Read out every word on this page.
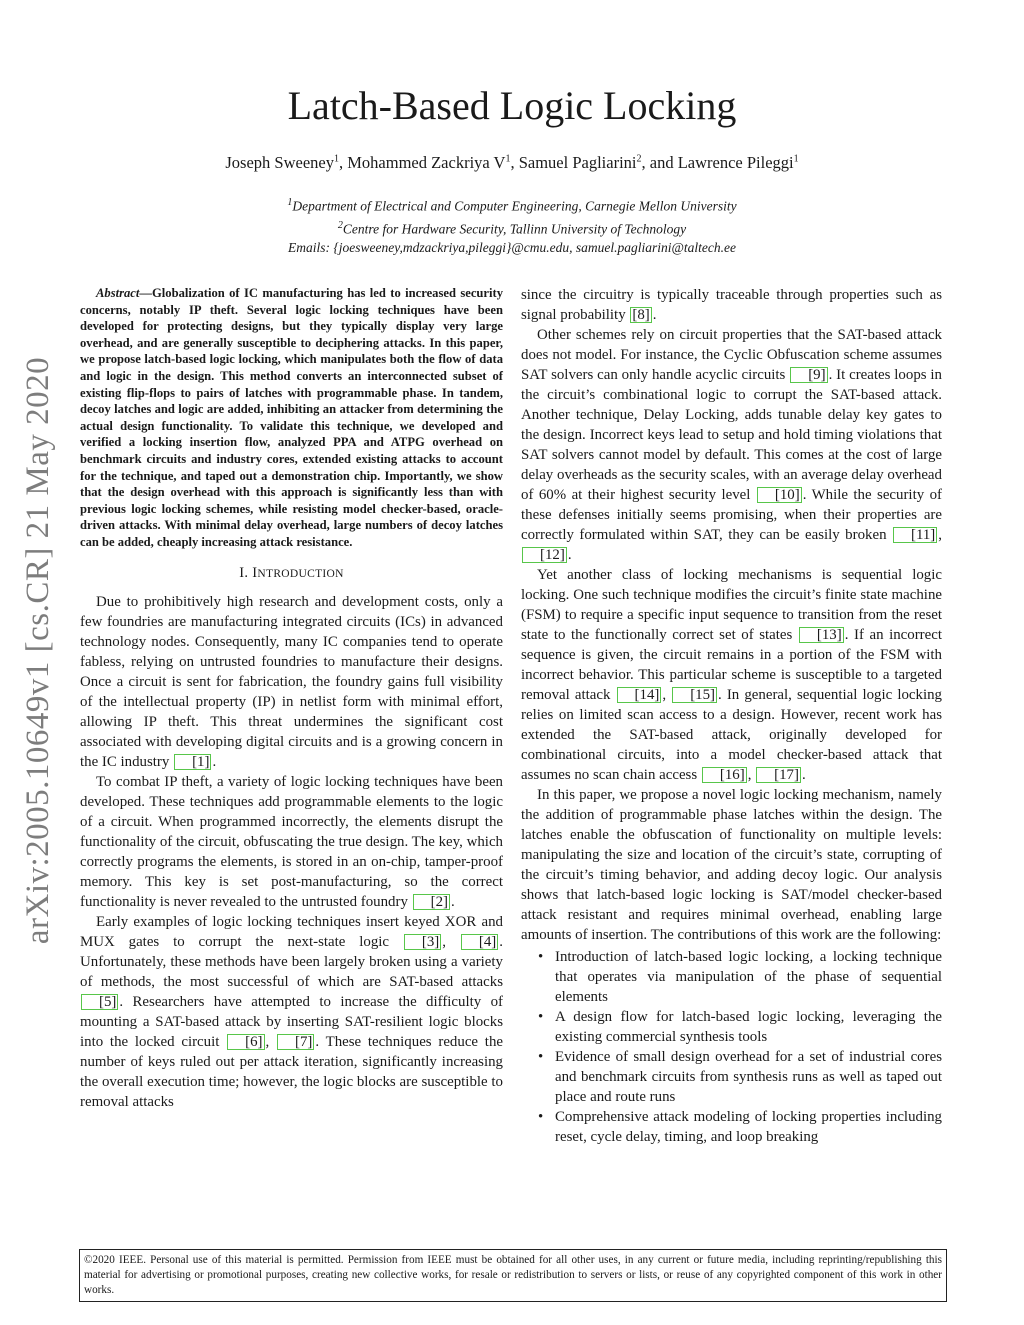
arXiv:2005.10649v1 [cs.CR] 21 May 2020
Latch-Based Logic Locking
Joseph Sweeney$^1$, Mohammed Zackriya $V^1$, Samuel Pagliarini$^2$, and Lawrence Pileggi$^1$
$^1$Department of Electrical and Computer Engineering, Carnegie Mellon University
$^2$Centre for Hardware Security, Tallinn University of Technology
Emails: {joesweeney,mdzackriya,pileggi}@cmu.edu, samuel.pagliarini@taltech.ee

Abstract—Globalization of IC manufacturing has led to increased security concerns, notably IP theft. Several logic locking techniques have been developed for protecting designs, but they typically display very large overhead, and are generally susceptible to deciphering attacks. In this paper, we propose latch-based logic locking, which manipulates both the flow of data and logic in the design. This method converts an interconnected subset of existing flip-flops to pairs of latches with programmable phase. In tandem, decoy latches and logic are added, inhibiting an attacker from determining the actual design functionality. To validate this technique, we developed and verified a locking insertion flow, analyzed PPA and ATPG overhead on benchmark circuits and industry cores, extended existing attacks to account for the technique, and taped out a demonstration chip. Importantly, we show that the design overhead with this approach is significantly less than with previous logic locking schemes, while resisting model checker-based, oracle-driven attacks. With minimal delay overhead, large numbers of decoy latches can be added, cheaply increasing attack resistance.

I. INTRODUCTION

Due to prohibitively high research and development costs, only a few foundries are manufacturing integrated circuits (ICs) in advanced technology nodes. Consequently, many IC companies tend to operate fabless, relying on untrusted foundries to manufacture their designs. Once a circuit is sent for fabrication, the foundry gains full visibility of the intellectual property (IP) in netlist form with minimal effort, allowing IP theft. This threat undermines the significant cost associated with developing digital circuits and is a growing concern in the IC industry [1] .

To combat IP theft, a variety of logic locking techniques have been developed. These techniques add programmable elements to the logic of a circuit. When programmed incorrectly, the elements disrupt the functionality of the circuit, obfuscating the true design. The key, which correctly programs the elements, is stored in an on-chip, tamper-proof memory. This key is set post-manufacturing, so the correct functionality is never revealed to the untrusted foundry [2] .

Early examples of logic locking techniques insert keyed XOR and MUX gates to corrupt the next-state logic [3] , [4] . Unfortunately, these methods have been largely broken using a variety of methods, the most successful of which are SAT-based attacks [5] . Researchers have attempted to increase the difficulty of mounting a SAT-based attack by inserting SAT-resilient logic blocks into the locked circuit [6] , [7] . These techniques reduce the number of keys ruled out per attack iteration, significantly increasing the overall execution time; however, the logic blocks are susceptible to removal attacks

since the circuitry is typically traceable through properties such as signal probability [8] .

Other schemes rely on circuit properties that the SAT-based attack does not model. For instance, the Cyclic Obfuscation scheme assumes SAT solvers can only handle acyclic circuits [9] . It creates loops in the circuit’s combinational logic to corrupt the SAT-based attack. Another technique, Delay Locking, adds tunable delay key gates to the design. Incorrect keys lead to setup and hold timing violations that SAT solvers cannot model by default. This comes at the cost of large delay overheads as the security scales, with an average delay overhead of 60% at their highest security level [10] . While the security of these defenses initially seems promising, when their properties are correctly formulated within SAT, they can be easily broken [11] , [12] .

Yet another class of locking mechanisms is sequential logic locking. One such technique modifies the circuit’s finite state machine (FSM) to require a specific input sequence to transition from the reset state to the functionally correct set of states [13] . If an incorrect sequence is given, the circuit remains in a portion of the FSM with incorrect behavior. This particular scheme is susceptible to a targeted removal attack [14] , [15] . In general, sequential logic locking relies on limited scan access to a design. However, recent work has extended the SAT-based attack, originally developed for combinational circuits, into a model checker-based attack that assumes no scan chain access [16] , [17] .

In this paper, we propose a novel logic locking mechanism, namely the addition of programmable phase latches within the design. The latches enable the obfuscation of functionality on multiple levels: manipulating the size and location of the circuit’s state, corrupting of the circuit’s timing behavior, and adding decoy logic. Our analysis shows that latch-based logic locking is SAT/model checker-based attack resistant and requires minimal overhead, enabling large amounts of insertion. The contributions of this work are the following:

• Introduction of latch-based logic locking, a locking technique that operates via manipulation of the phase of sequential elements
• A design flow for latch-based logic locking, leveraging the existing commercial synthesis tools
• Evidence of small design overhead for a set of industrial cores and benchmark circuits from synthesis runs as well as taped out place and route runs
• Comprehensive attack modeling of locking properties including reset, cycle delay, timing, and loop breaking
©2020 IEEE. Personal use of this material is permitted. Permission from IEEE must be obtained for all other uses, in any current or future media, including reprinting/republishing this material for advertising or promotional purposes, creating new collective works, for resale or redistribution to servers or lists, or reuse of any copyrighted component of this work in other works.
